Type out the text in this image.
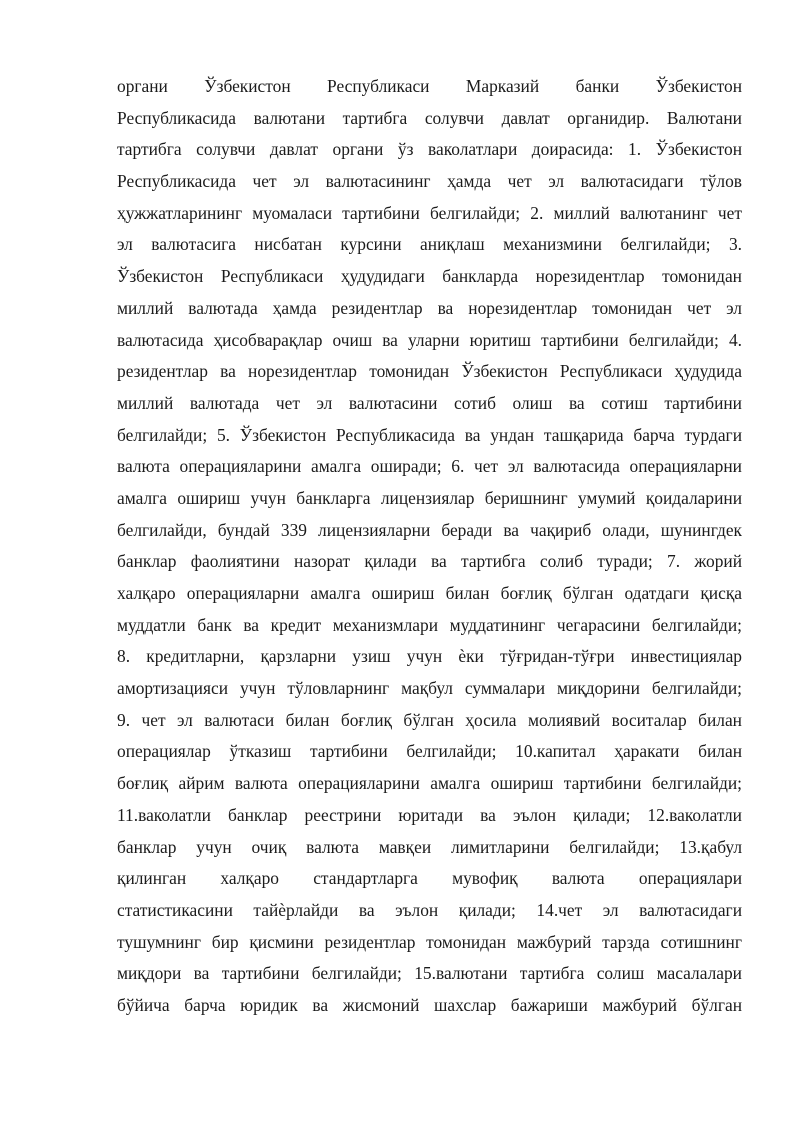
органи Ўзбекистон Республикаси Марказий банки Ўзбекистон
Республикасида валютани тартибга солувчи давлат органидир. Валютани
тартибга солувчи давлат органи ўз ваколатлари доирасида: 1. Ўзбекистон
Республикасида чет эл валютасининг ҳамда чет эл валютасидаги тўлов
ҳужжатларининг муомаласи тартибини белгилайди; 2. миллий валютанинг чет
эл валютасига нисбатан курсини аниқлаш механизмини белгилайди; 3.
Ўзбекистон Республикаси ҳудудидаги банкларда норезидентлар томонидан
миллий валютада ҳамда резидентлар ва норезидентлар томонидан чет эл
валютасида ҳисобварақлар очиш ва уларни юритиш тартибини белгилайди; 4.
резидентлар ва норезидентлар томонидан Ўзбекистон Республикаси ҳудудида
миллий валютада чет эл валютасини сотиб олиш ва сотиш тартибини
белгилайди; 5. Ўзбекистон Республикасида ва ундан ташқарида барча турдаги
валюта операцияларини амалга оширади; 6. чет эл валютасида операцияларни
амалга ошириш учун банкларга лицензиялар беришнинг умумий қоидаларини
белгилайди, бундай 339 лицензияларни беради ва чақириб олади, шунингдек
банклар фаолиятини назорат қилади ва тартибга солиб туради; 7. жорий
халқаро операцияларни амалга ошириш билан боғлиқ бўлган одатдаги қисқа
муддатли банк ва кредит механизмлари муддатининг чегарасини белгилайди;
8. кредитларни, қарзларни узиш учун ѐки тўғридан-тўғри инвестициялар
амортизацияси учун тўловларнинг мақбул суммалари миқдорини белгилайди;
9. чет эл валютаси билан боғлиқ бўлган ҳосила молиявий воситалар билан
операциялар ўтказиш тартибини белгилайди; 10.капитал ҳаракати билан
боғлиқ айрим валюта операцияларини амалга ошириш тартибини белгилайди;
11.ваколатли банклар реестрини юритади ва эълон қилади; 12.ваколатли
банклар учун очиқ валюта мавқеи лимитларини белгилайди; 13.қабул
қилинган халқаро стандартларга мувофиқ валюта операциялари
статистикасини тайѐрлайди ва эълон қилади; 14.чет эл валютасидаги
тушумнинг бир қисмини резидентлар томонидан мажбурий тарзда сотишнинг
миқдори ва тартибини белгилайди; 15.валютани тартибга солиш масалалари
бўйича барча юридик ва жисмоний шахслар бажариши мажбурий бўлган
